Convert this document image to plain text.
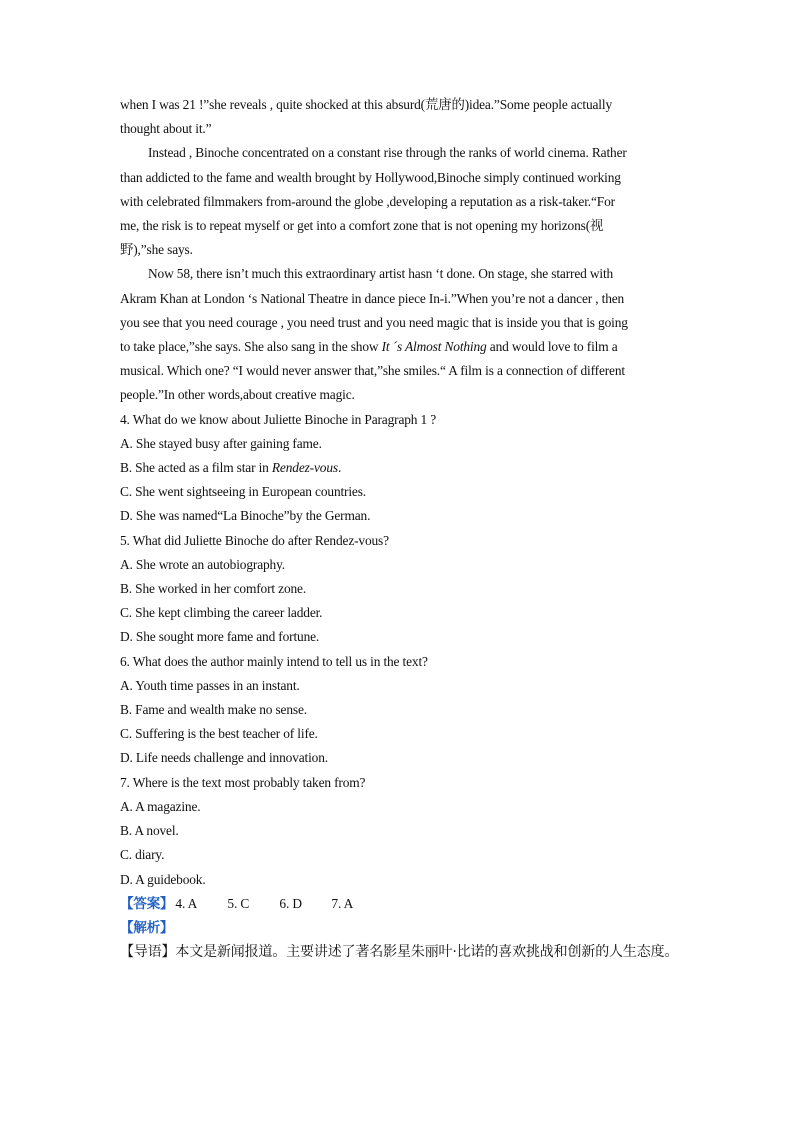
when I was 21 !”she reveals , quite shocked at this absurd(荒唐的)idea.”Some people actually
thought about it.”
Instead , Binoche concentrated on a constant rise through the ranks of world cinema. Rather
than addicted to the fame and wealth brought by Hollywood,Binoche simply continued working
with celebrated filmmakers from-around the globe ,developing a reputation as a risk-taker.“For
me, the risk is to repeat myself or get into a comfort zone that is not opening my horizons(视
野),”she says.
Now 58, there isn’t much this extraordinary artist hasn ‘t done. On stage, she starred with
Akram Khan at London ‘s National Theatre in dance piece In-i.”When you’re not a dancer , then
you see that you need courage , you need trust and you need magic that is inside you that is going
to take place,”she says. She also sang in the show It ´s Almost Nothing and would love to film a
musical. Which one? “I would never answer that,”she smiles.“ A film is a connection of different
people.”In other words,about creative magic.
4. What do we know about Juliette Binoche in Paragraph 1 ?
A. She stayed busy after gaining fame.
B. She acted as a film star in Rendez-vous.
C. She went sightseeing in European countries.
D. She was named“La Binoche”by the German.
5. What did Juliette Binoche do after Rendez-vous?
A. She wrote an autobiography.
B. She worked in her comfort zone.
C. She kept climbing the career ladder.
D. She sought more fame and fortune.
6. What does the author mainly intend to tell us in the text?
A. Youth time passes in an instant.
B. Fame and wealth make no sense.
C. Suffering is the best teacher of life.
D. Life needs challenge and innovation.
7. Where is the text most probably taken from?
A. A magazine.
B. A novel.
C. diary.
D. A guidebook.
【答案】 4. A 5. C 6. D 7. A
【解析】
【导语】本文是新闻报道。主要讲述了著名影星朱丽叶·比诺的喜欢挑战和创新的人生态度。
